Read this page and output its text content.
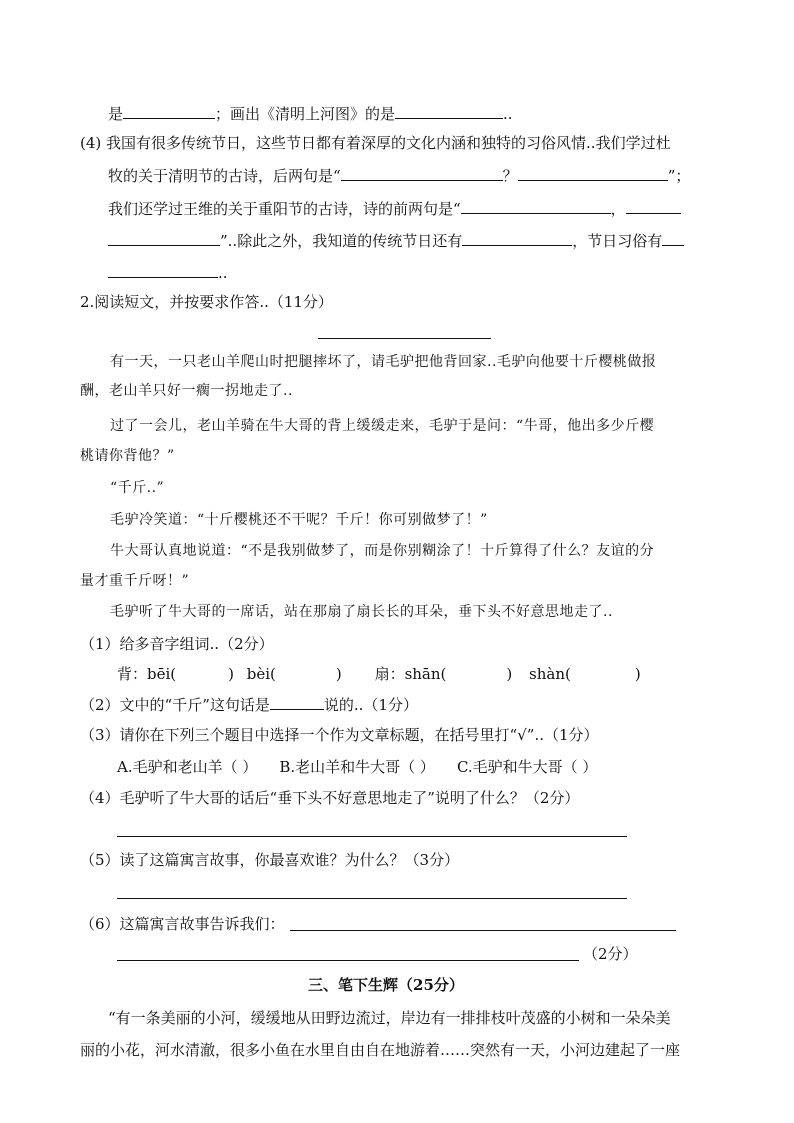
是	；画出《清明上河图》的是	..
(4) 我国有很多传统节日，这些节日都有着深厚的文化内涵和独特的习俗风情..我们学过杜
牧的关于清明节的古诗，后两句是“	？	”；
我们还学过王维的关于重阳节的古诗，诗的前两句是“	，
”..除此之外，我知道的传统节日还有	，节日习俗有
..
2.阅读短文，并按要求作答..（11分）
有一天，一只老山羊爬山时把腿摔坏了，请毛驴把他背回家..毛驴向他要十斤樱桃做报
酬，老山羊只好一瘸一拐地走了..
过了一会儿，老山羊骑在牛大哥的背上缓缓走来，毛驴于是问：“牛哥，他出多少斤樱
桃请你背他？”
“千斤..”
毛驴冷笑道：“十斤樱桃还不干呢？千斤！你可别做梦了！”
牛大哥认真地说道：“不是我别做梦了，而是你别糊涂了！十斤算得了什么？友谊的分
量才重千斤呀！”
毛驴听了牛大哥的一席话，站在那扇了扇长长的耳朵，垂下头不好意思地走了..
（1）给多音字组词..（2分）
背：bēi(	) bèi(	) 扇：shān(	) shàn(	)
（2）文中的“千斤”这句话是	说的..（1分）
（3）请你在下列三个题目中选择一个作为文章标题，在括号里打“√”..（1分）
A.毛驴和老山羊（ ） B.老山羊和牛大哥（ ） C.毛驴和牛大哥（ ）
（4）毛驴听了牛大哥的话后“垂下头不好意思地走了”说明了什么？（2分）
（5）读了这篇寓言故事，你最喜欢谁？为什么？（3分）
（6）这篇寓言故事告诉我们：
（2分）
三、笔下生辉（25分）
“有一条美丽的小河，缓缓地从田野边流过，岸边有一排排枝叶茂盛的小树和一朵朵美
丽的小花，河水清澈，很多小鱼在水里自由自在地游着……突然有一天，小河边建起了一座
